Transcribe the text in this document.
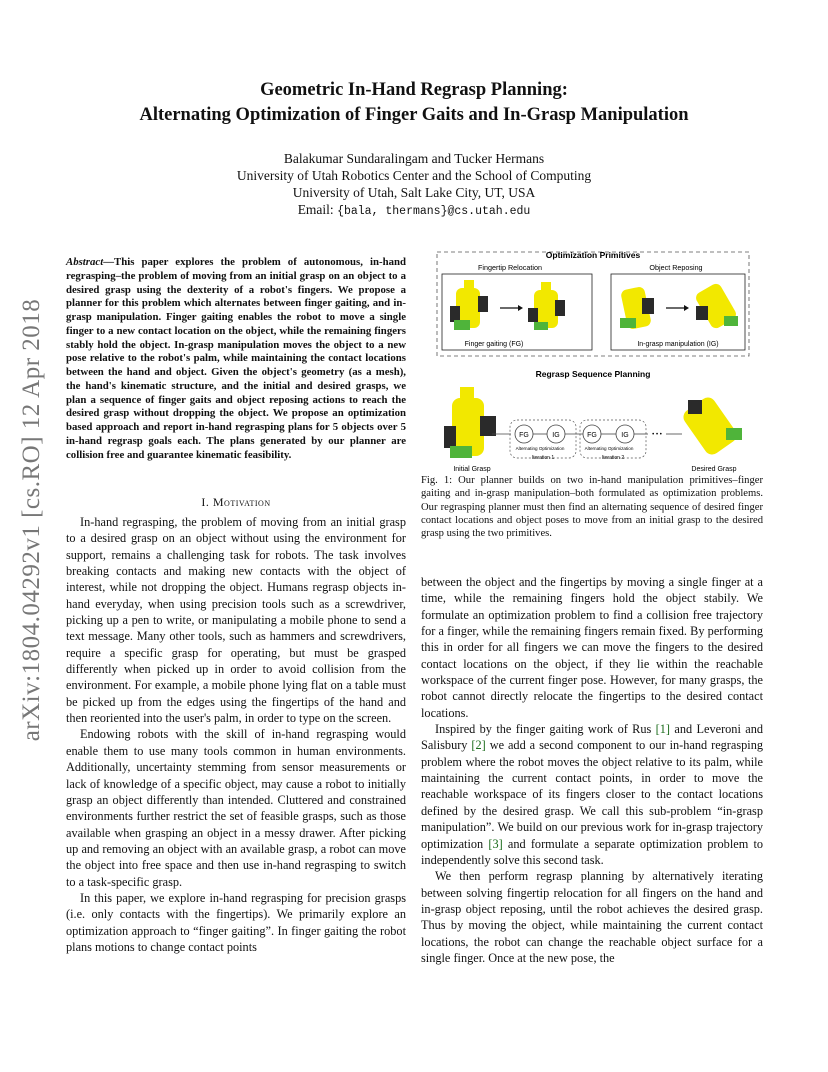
arXiv:1804.04292v1 [cs.RO] 12 Apr 2018
Geometric In-Hand Regrasp Planning:
Alternating Optimization of Finger Gaits and In-Grasp Manipulation
Balakumar Sundaralingam and Tucker Hermans
University of Utah Robotics Center and the School of Computing
University of Utah, Salt Lake City, UT, USA
Email: {bala, thermans}@cs.utah.edu
Abstract—This paper explores the problem of autonomous, in-hand regrasping–the problem of moving from an initial grasp on an object to a desired grasp using the dexterity of a robot's fingers. We propose a planner for this problem which alternates between finger gaiting, and in-grasp manipulation. Finger gaiting enables the robot to move a single finger to a new contact location on the object, while the remaining fingers stably hold the object. In-grasp manipulation moves the object to a new pose relative to the robot's palm, while maintaining the contact locations between the hand and object. Given the object's geometry (as a mesh), the hand's kinematic structure, and the initial and desired grasps, we plan a sequence of finger gaits and object reposing actions to reach the desired grasp without dropping the object. We propose an optimization based approach and report in-hand regrasping plans for 5 objects over 5 in-hand regrasp goals each. The plans generated by our planner are collision free and guarantee kinematic feasibility.
I. Motivation

In-hand regrasping, the problem of moving from an initial grasp to a desired grasp on an object without using the environment for support, remains a challenging task for robots. The task involves breaking contacts and making new contacts with the object of interest, while not dropping the object. Humans regrasp objects in-hand everyday, when using precision tools such as a screwdriver, picking up a pen to write, or manipulating a mobile phone to send a text message. Many other tools, such as hammers and screwdrivers, require a specific grasp for operating, but must be grasped differently when picked up in order to avoid collision from the environment. For example, a mobile phone lying flat on a table must be picked up from the edges using the fingertips of the hand and then reoriented into the user's palm, in order to type on the screen.

Endowing robots with the skill of in-hand regrasping would enable them to use many tools common in human environments. Additionally, uncertainty stemming from sensor measurements or lack of knowledge of a specific object, may cause a robot to initially grasp an object differently than intended. Cluttered and constrained environments further restrict the set of feasible grasps, such as those available when grasping an object in a messy drawer. After picking up and removing an object with an available grasp, a robot can move the object into free space and then use in-hand regrasping to switch to a task-specific grasp.

In this paper, we explore in-hand regrasping for precision grasps (i.e. only contacts with the fingertips). We primarily explore an optimization approach to “finger gaiting”. In finger gaiting the robot plans motions to change contact points

Optimization Primitives
Fingertip Relocation	Object Reposing
Finger gaiting (FG)	In-grasp manipulation (IG)
Regrasp Sequence Planning
FG	IG	FG	IG
Alternating Optimization	Alternating Optimization
Iteration 1	Iteration 2
• • •
Initial Grasp	Desired Grasp
Fig. 1: Our planner builds on two in-hand manipulation primitives–finger gaiting and in-grasp manipulation–both formulated as optimization problems. Our regrasping planner must then find an alternating sequence of desired finger contact locations and object poses to move from an initial grasp to the desired grasp using the two primitives.

between the object and the fingertips by moving a single finger at a time, while the remaining fingers hold the object stabily. We formulate an optimization problem to find a collision free trajectory for a finger, while the remaining fingers remain fixed. By performing this in order for all fingers we can move the fingers to the desired contact locations on the object, if they lie within the reachable workspace of the current finger pose. However, for many grasps, the robot cannot directly relocate the fingertips to the desired contact locations.

Inspired by the finger gaiting work of Rus [1] and Leveroni and Salisbury [2] we add a second component to our in-hand regrasping problem where the robot moves the object relative to its palm, while maintaining the current contact points, in order to move the reachable workspace of its fingers closer to the contact locations defined by the desired grasp. We call this sub-problem “in-grasp manipulation”. We build on our previous work for in-grasp trajectory optimization [3] and formulate a separate optimization problem to independently solve this second task.

We then perform regrasp planning by alternatively iterating between solving fingertip relocation for all fingers on the hand and in-grasp object reposing, until the robot achieves the desired grasp. Thus by moving the object, while maintaining the current contact locations, the robot can change the reachable object surface for a single finger. Once at the new pose, the
